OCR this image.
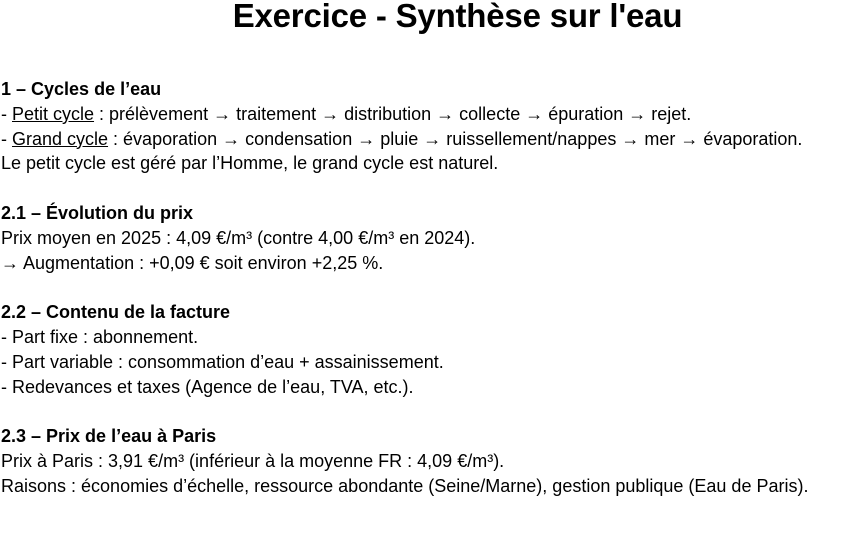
Exercice - Synthèse sur l'eau

1 – Cycles de l’eau

- Petit cycle : prélèvement → traitement → distribution → collecte → épuration → rejet.

- Grand cycle : évaporation → condensation → pluie → ruissellement/nappes → mer → évaporation.

Le petit cycle est géré par l’Homme, le grand cycle est naturel.

2.1 – Évolution du prix

Prix moyen en 2025 : 4,09 €/m³ (contre 4,00 €/m³ en 2024).

→ Augmentation : +0,09 € soit environ +2,25 %.

2.2 – Contenu de la facture

- Part fixe : abonnement.

- Part variable : consommation d’eau + assainissement.

- Redevances et taxes (Agence de l’eau, TVA, etc.).

2.3 – Prix de l’eau à Paris

Prix à Paris : 3,91 €/m³ (inférieur à la moyenne FR : 4,09 €/m³).

Raisons : économies d’échelle, ressource abondante (Seine/Marne), gestion publique (Eau de Paris).
